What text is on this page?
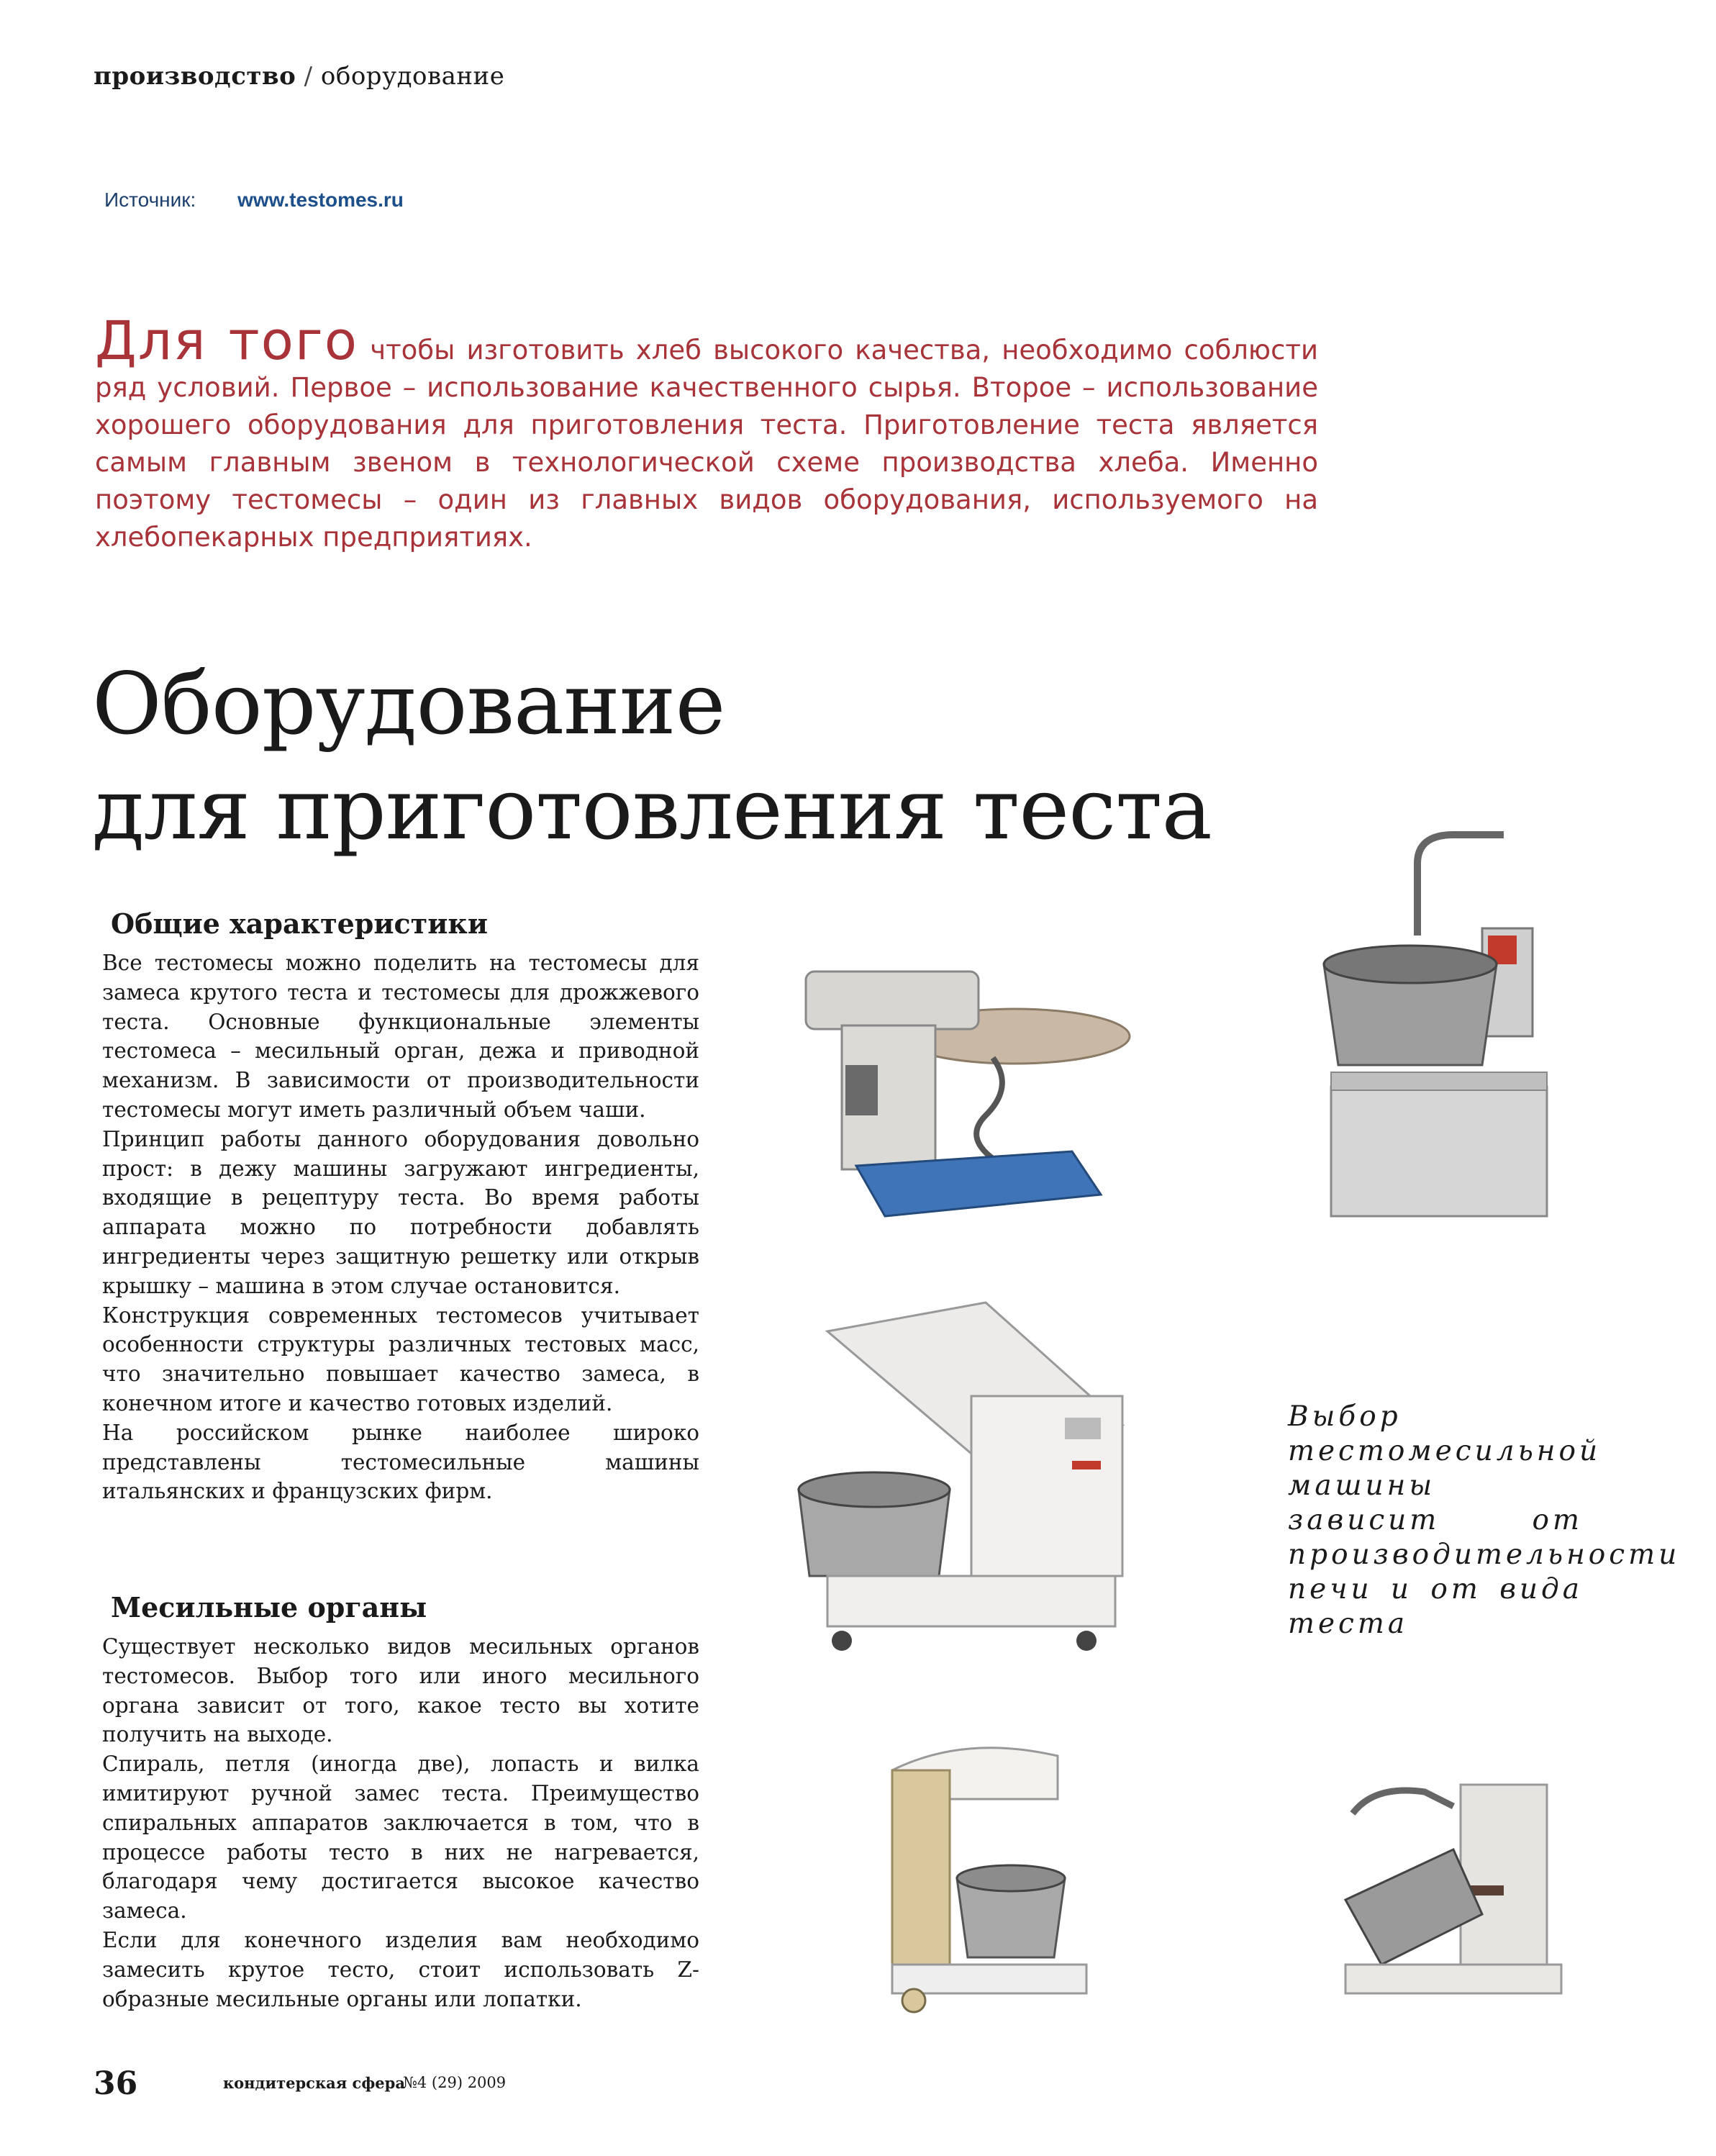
производство / оборудование
Источник: www.testomes.ru
Для того чтобы изготовить хлеб высокого качества, необходимо соблюсти ряд условий. Первое – использование качественного сырья. Второе – использование хорошего оборудования для приготовления теста. Приготовление теста является самым главным звеном в технологической схеме производства хлеба. Именно поэтому тестомесы – один из главных видов оборудования, используемого на хлебопекарных предприятиях.
Оборудование
для приготовления теста
Общие характеристики

Все тестомесы можно поделить на тестомесы для замеса крутого теста и тестомесы для дрожжевого теста. Основные функциональные элементы тестомеса – месильный орган, дежа и приводной механизм. В зависимости от производительности тестомесы могут иметь различный объем чаши.

Принцип работы данного оборудования довольно прост: в дежу машины загружают ингредиенты, входящие в рецептуру теста. Во время работы аппарата можно по потребности добавлять ингредиенты через защитную решетку или открыв крышку – машина в этом случае остановится.

Конструкция современных тестомесов учитывает особенности структуры различных тестовых масс, что значительно повышает качество замеса, в конечном итоге и качество готовых изделий.

На российском рынке наиболее широко представлены тестомесильные машины итальянских и французских фирм.

Месильные органы

Существует несколько видов месильных органов тестомесов. Выбор того или иного месильного органа зависит от того, какое тесто вы хотите получить на выходе.

Спираль, петля (иногда две), лопасть и вилка имитируют ручной замес теста. Преимущество спиральных аппаратов заключается в том, что в процессе работы тесто в них не нагревается, благодаря чему достигается высокое качество замеса.

Если для конечного изделия вам необходимо замесить крутое тесто, стоит использовать Z-образные месильные органы или лопатки.

Выбор тестомесильной машины зависит от производительности печи и от вида теста
36	кондитерская сфера
№4 (29) 2009
